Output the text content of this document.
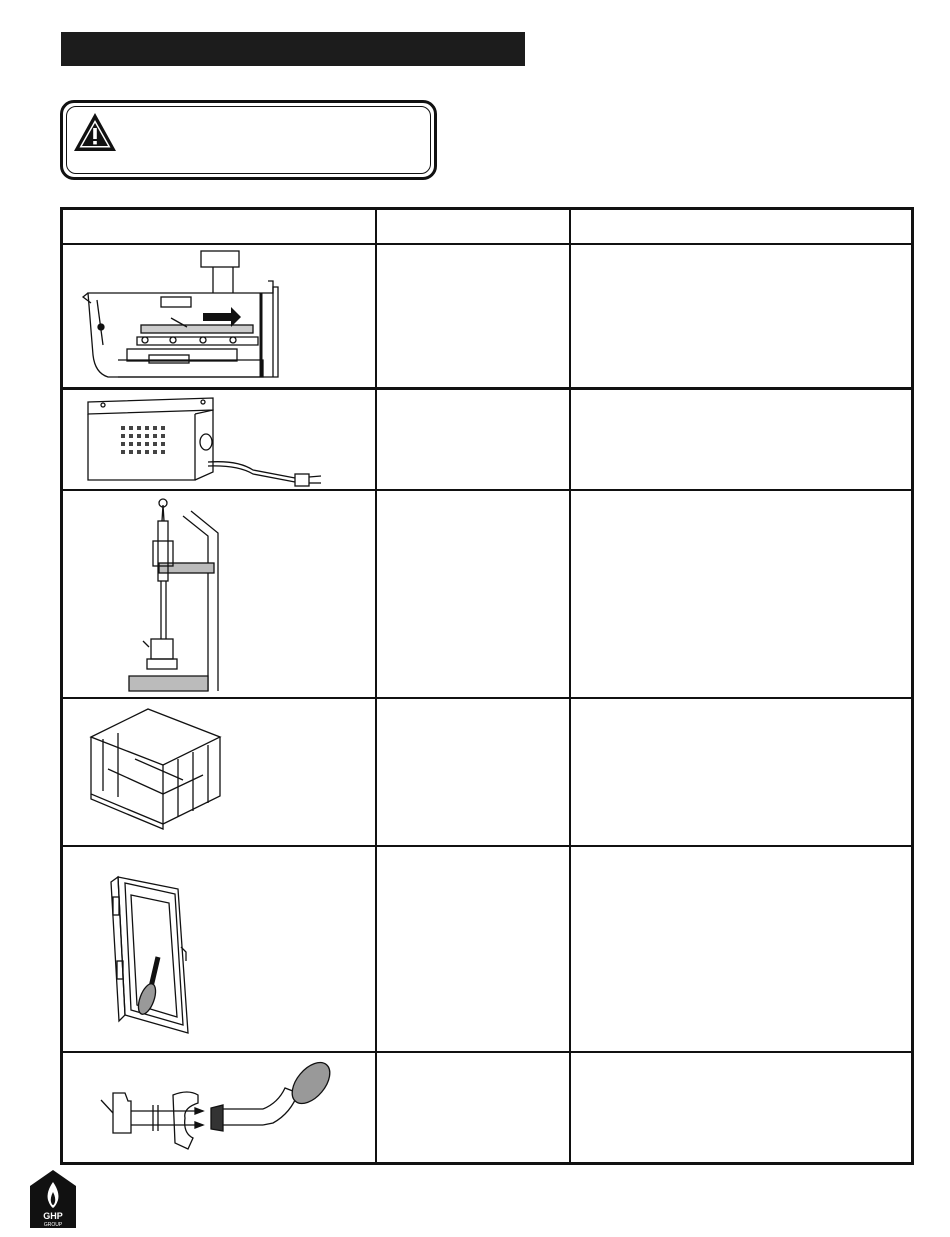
GHP
GROUP
